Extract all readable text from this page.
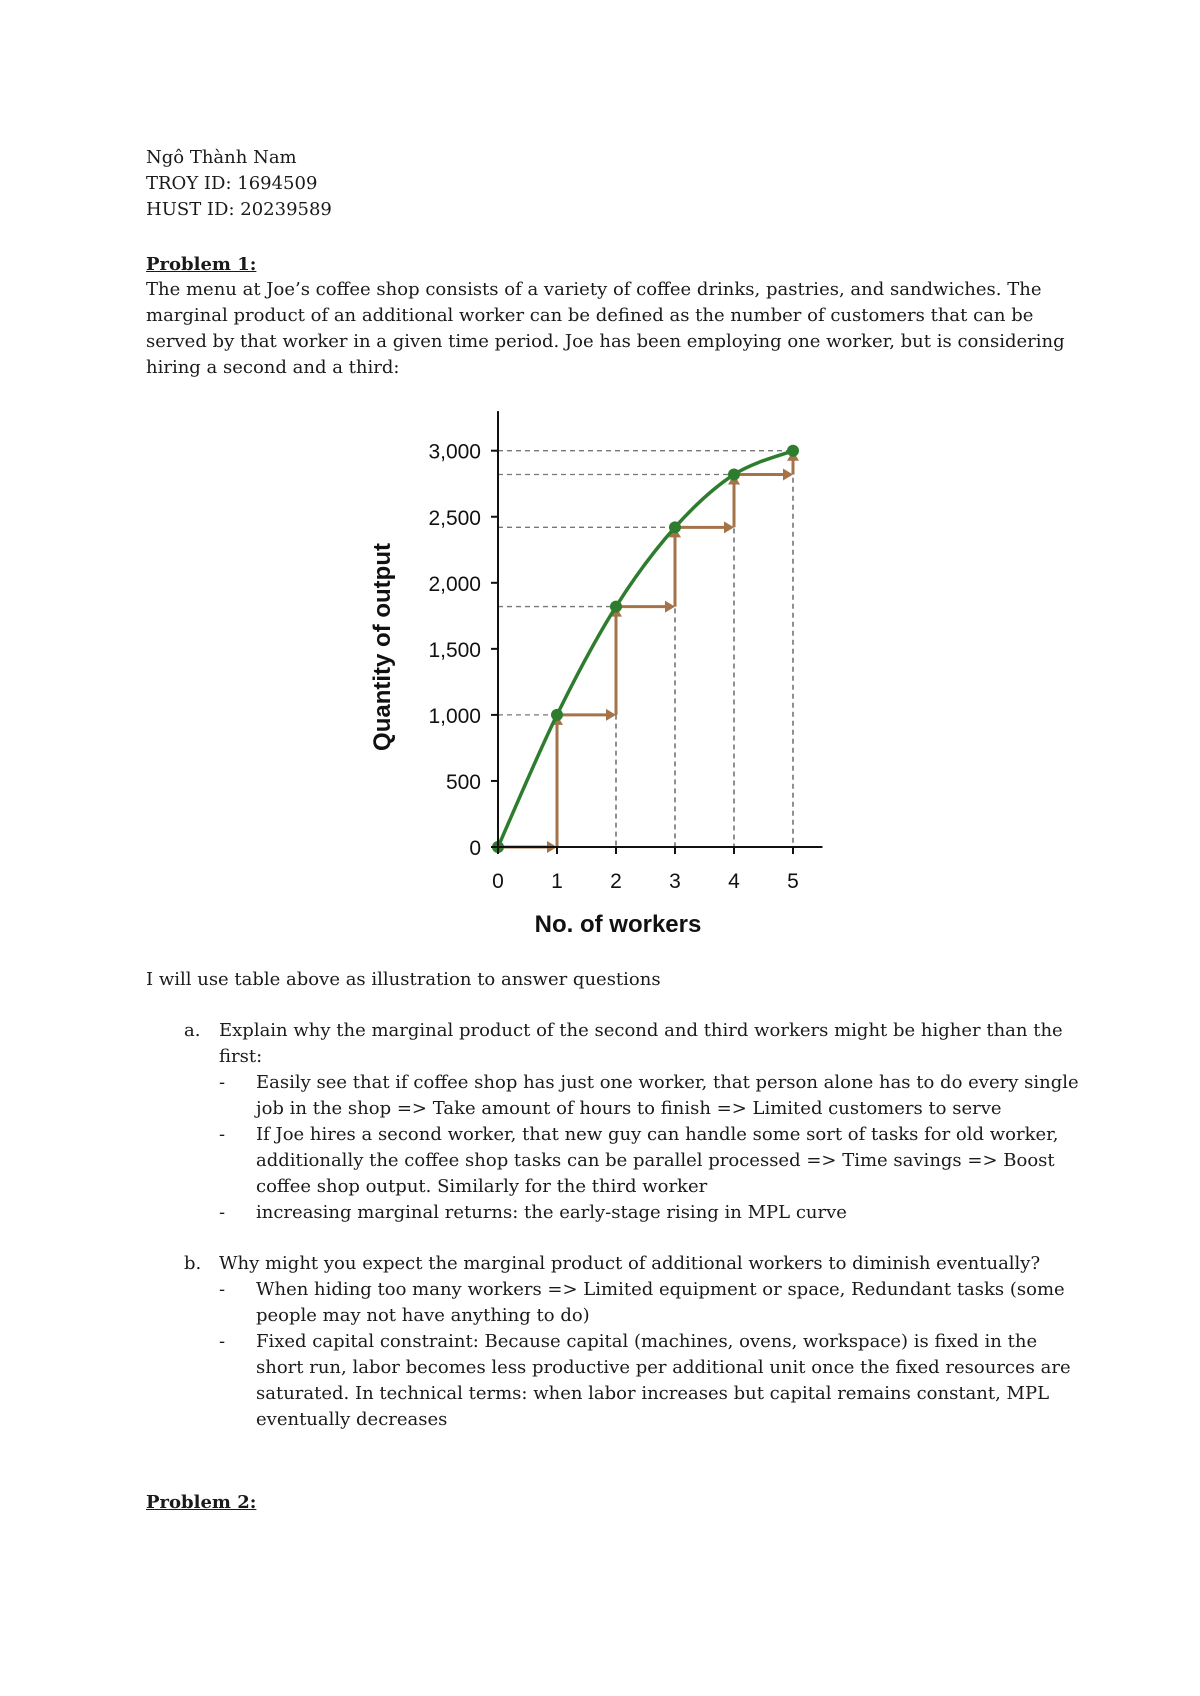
Ngô Thành Nam
TROY ID: 1694509
HUST ID: 20239589
Problem 1:
The menu at Joe’s coffee shop consists of a variety of coffee drinks, pastries, and sandwiches. The
marginal product of an additional worker can be defined as the number of customers that can be
served by that worker in a given time period. Joe has been employing one worker, but is considering
hiring a second and a third:
0 1 2 3 4 5
0
500
1,000
1,500
2,000
2,500
3,000
No. of workers
Quantity of output
I will use table above as illustration to answer questions
a. Explain why the marginal product of the second and third workers might be higher than the
first:
-	Easily see that if coffee shop has just one worker, that person alone has to do every single
job in the shop => Take amount of hours to finish => Limited customers to serve
-	If Joe hires a second worker, that new guy can handle some sort of tasks for old worker,
additionally the coffee shop tasks can be parallel processed => Time savings => Boost
coffee shop output. Similarly for the third worker
-	increasing marginal returns: the early-stage rising in MPL curve
b. Why might you expect the marginal product of additional workers to diminish eventually?
-	When hiding too many workers => Limited equipment or space, Redundant tasks (some
people may not have anything to do)
-	Fixed capital constraint: Because capital (machines, ovens, workspace) is fixed in the
short run, labor becomes less productive per additional unit once the fixed resources are
saturated. In technical terms: when labor increases but capital remains constant, MPL
eventually decreases
Problem 2:
